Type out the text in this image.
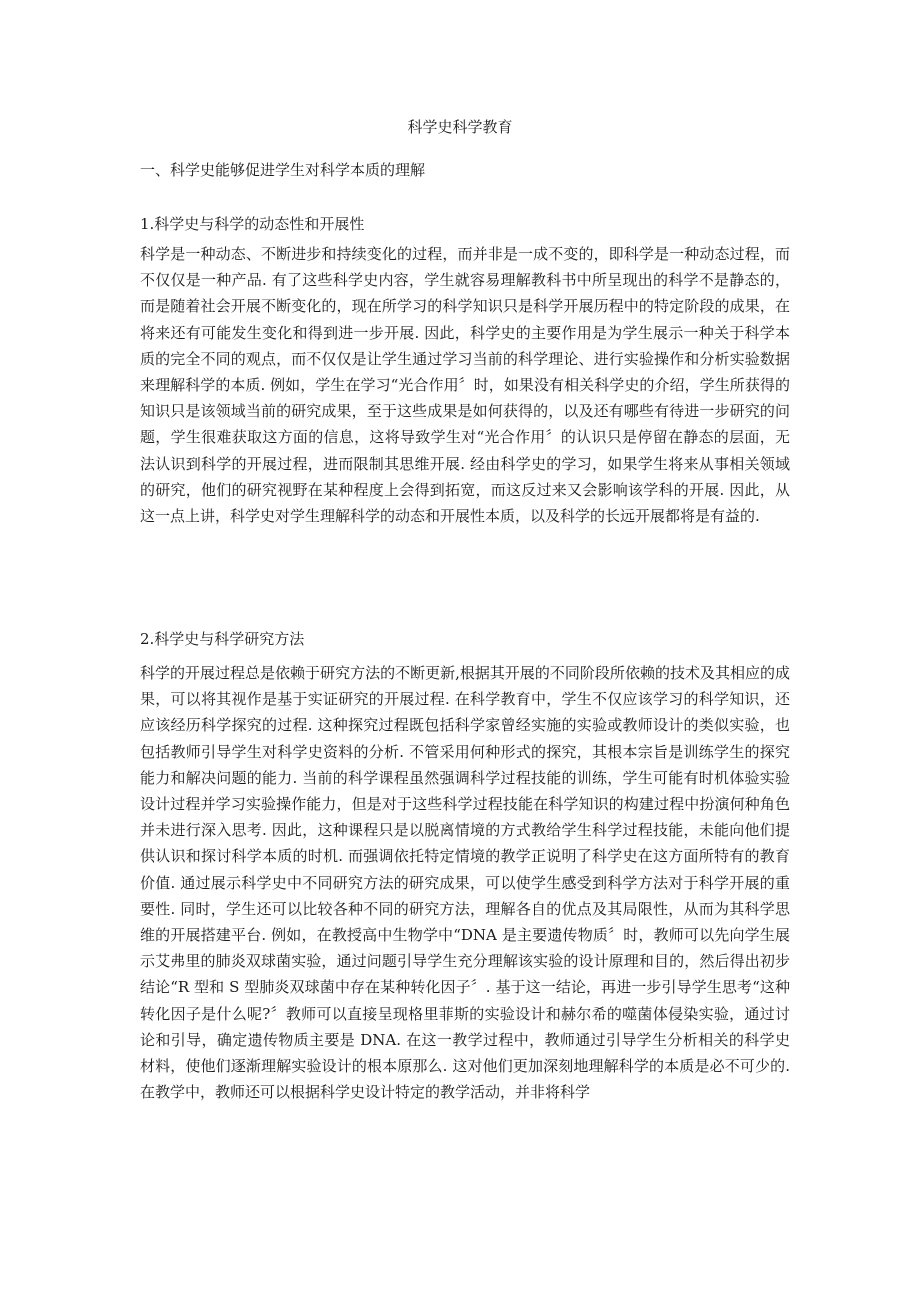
科学史科学教育
一、科学史能够促进学生对科学本质的理解
1.科学史与科学的动态性和开展性

科学是一种动态、不断进步和持续变化的过程，而并非是一成不变的，即科学是一种动态过程，而不仅仅是一种产品. 有了这些科学史内容，学生就容易理解教科书中所呈现出的科学不是静态的，而是随着社会开展不断变化的，现在所学习的科学知识只是科学开展历程中的特定阶段的成果，在将来还有可能发生变化和得到进一步开展. 因此，科学史的主要作用是为学生展示一种关于科学本质的完全不同的观点，而不仅仅是让学生通过学习当前的科学理论、进行实验操作和分析实验数据来理解科学的本质. 例如，学生在学习“光合作用〞时，如果没有相关科学史的介绍，学生所获得的知识只是该领域当前的研究成果，至于这些成果是如何获得的，以及还有哪些有待进一步研究的问题，学生很难获取这方面的信息，这将导致学生对“光合作用〞的认识只是停留在静态的层面，无法认识到科学的开展过程，进而限制其思维开展. 经由科学史的学习，如果学生将来从事相关领域的研究，他们的研究视野在某种程度上会得到拓宽，而这反过来又会影响该学科的开展. 因此，从这一点上讲，科学史对学生理解科学的动态和开展性本质，以及科学的长远开展都将是有益的.

2.科学史与科学研究方法

科学的开展过程总是依赖于研究方法的不断更新,根据其开展的不同阶段所依赖的技术及其相应的成果，可以将其视作是基于实证研究的开展过程. 在科学教育中，学生不仅应该学习的科学知识，还应该经历科学探究的过程. 这种探究过程既包括科学家曾经实施的实验或教师设计的类似实验，也包括教师引导学生对科学史资料的分析. 不管采用何种形式的探究，其根本宗旨是训练学生的探究能力和解决问题的能力. 当前的科学课程虽然强调科学过程技能的训练，学生可能有时机体验实验设计过程并学习实验操作能力，但是对于这些科学过程技能在科学知识的构建过程中扮演何种角色并未进行深入思考. 因此，这种课程只是以脱离情境的方式教给学生科学过程技能，未能向他们提供认识和探讨科学本质的时机. 而强调依托特定情境的教学正说明了科学史在这方面所特有的教育价值. 通过展示科学史中不同研究方法的研究成果，可以使学生感受到科学方法对于科学开展的重要性. 同时，学生还可以比较各种不同的研究方法，理解各自的优点及其局限性，从而为其科学思维的开展搭建平台. 例如，在教授高中生物学中“DNA 是主要遗传物质〞时，教师可以先向学生展示艾弗里的肺炎双球菌实验，通过问题引导学生充分理解该实验的设计原理和目的，然后得出初步结论“R 型和 S 型肺炎双球菌中存在某种转化因子〞. 基于这一结论，再进一步引导学生思考“这种转化因子是什么呢?〞教师可以直接呈现格里菲斯的实验设计和赫尔希的噬菌体侵染实验，通过讨论和引导，确定遗传物质主要是 DNA. 在这一教学过程中，教师通过引导学生分析相关的科学史材料，使他们逐渐理解实验设计的根本原那么. 这对他们更加深刻地理解科学的本质是必不可少的. 在教学中，教师还可以根据科学史设计特定的教学活动，并非将科学
